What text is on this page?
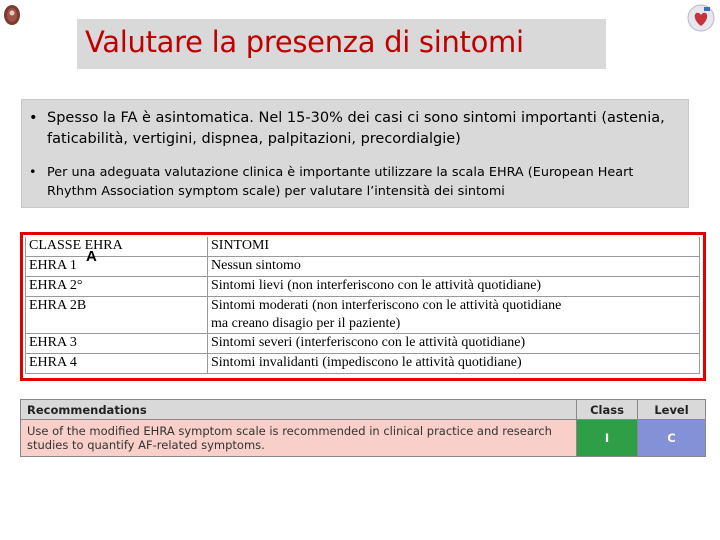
Valutare la presenza di sintomi
• Spesso la FA è asintomatica. Nel 15-30% dei casi ci sono sintomi importanti (astenia, faticabilità, vertigini, dispnea, palpitazioni, precordialgie)
• Per una adeguata valutazione clinica è importante utilizzare la scala EHRA (European Heart Rhythm Association symptom scale) per valutare l’intensità dei sintomi
CLASSE EHRA	SINTOMI
EHRA 1	Nessun sintomo
EHRA 2°	Sintomi lievi (non interferiscono con le attività quotidiane)
EHRA 2B	Sintomi moderati (non interferiscono con le attività quotidiane
ma creano disagio per il paziente)
EHRA 3	Sintomi severi (interferiscono con le attività quotidiane)
EHRA 4	Sintomi invalidanti (impediscono le attività quotidiane)
A
Recommendations	Class	Level
Use of the modified EHRA symptom scale is recommended in clinical practice and research studies to quantify AF-related symptoms.	I	C
